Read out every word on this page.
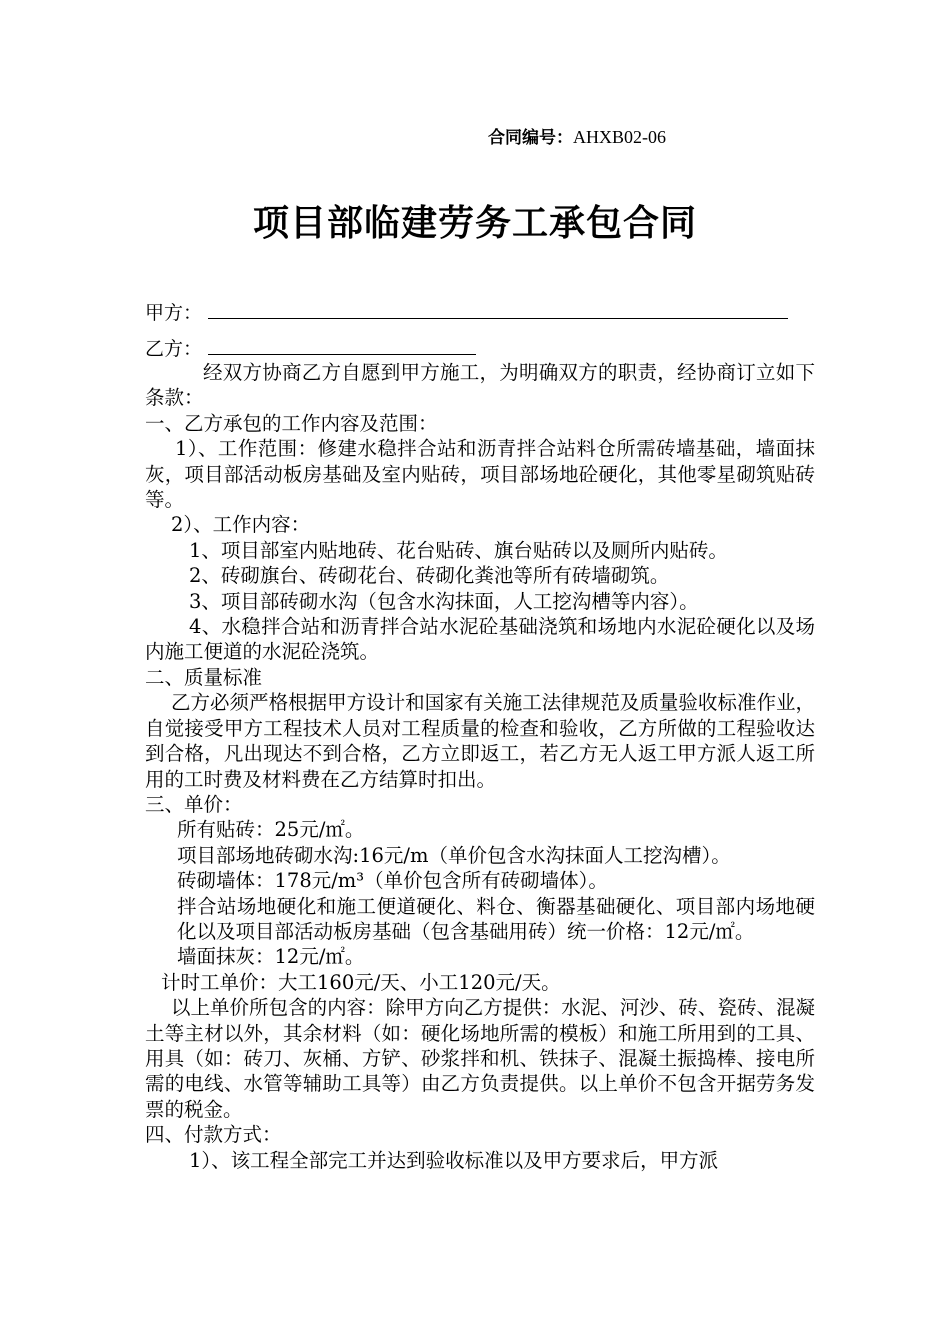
合同编号：AHXB02-06
项目部临建劳务工承包合同
甲方：
乙方：

经双方协商乙方自愿到甲方施工，为明确双方的职责，经协商订立如下条款：

一、乙方承包的工作内容及范围：

1）、工作范围：修建水稳拌合站和沥青拌合站料仓所需砖墙基础，墙面抹灰，项目部活动板房基础及室内贴砖，项目部场地砼硬化，其他零星砌筑贴砖等。

2）、工作内容：

1、项目部室内贴地砖、花台贴砖、旗台贴砖以及厕所内贴砖。

2、砖砌旗台、砖砌花台、砖砌化粪池等所有砖墙砌筑。

3、项目部砖砌水沟（包含水沟抹面，人工挖沟槽等内容）。

4、水稳拌合站和沥青拌合站水泥砼基础浇筑和场地内水泥砼硬化以及场内施工便道的水泥砼浇筑。

二、质量标准

乙方必须严格根据甲方设计和国家有关施工法律规范及质量验收标准作业，自觉接受甲方工程技术人员对工程质量的检查和验收，乙方所做的工程验收达到合格，凡出现达不到合格，乙方立即返工，若乙方无人返工甲方派人返工所用的工时费及材料费在乙方结算时扣出。

三、单价：

所有贴砖：25元/㎡。

项目部场地砖砌水沟:16元/m（单价包含水沟抹面人工挖沟槽）。

砖砌墙体：178元/m³（单价包含所有砖砌墙体）。

拌合站场地硬化和施工便道硬化、料仓、衡器基础硬化、项目部内场地硬化以及项目部活动板房基础（包含基础用砖）统一价格：12元/㎡。

墙面抹灰：12元/㎡。

计时工单价：大工160元/天、小工120元/天。

以上单价所包含的内容：除甲方向乙方提供：水泥、河沙、砖、瓷砖、混凝土等主材以外，其余材料（如：硬化场地所需的模板）和施工所用到的工具、用具（如：砖刀、灰桶、方铲、砂浆拌和机、铁抹子、混凝土振捣棒、接电所需的电线、水管等辅助工具等）由乙方负责提供。以上单价不包含开据劳务发票的税金。

四、付款方式：

1）、该工程全部完工并达到验收标准以及甲方要求后，甲方派
